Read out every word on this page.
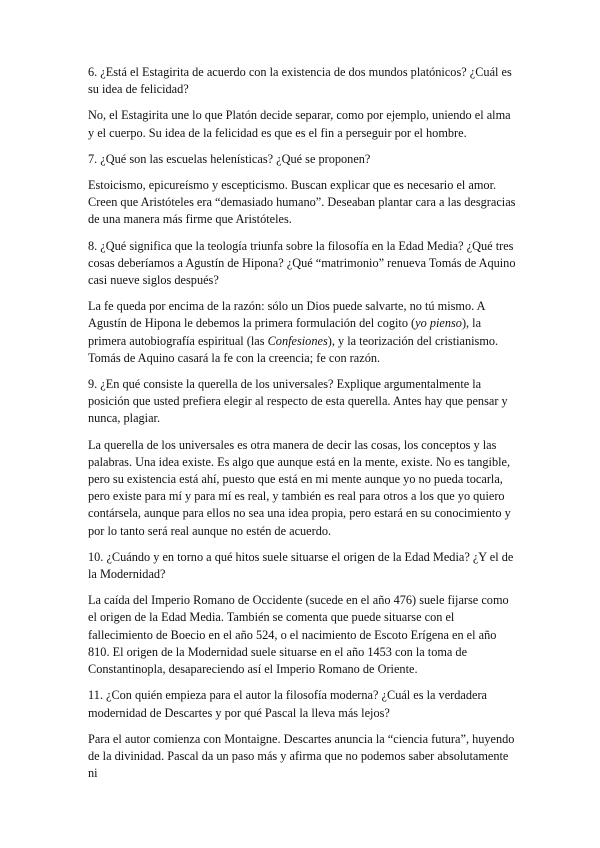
6. ¿Está el Estagirita de acuerdo con la existencia de dos mundos platónicos? ¿Cuál es su idea de felicidad?

No, el Estagirita une lo que Platón decide separar, como por ejemplo, uniendo el alma y el cuerpo. Su idea de la felicidad es que es el fin a perseguir por el hombre.

7. ¿Qué son las escuelas helenísticas? ¿Qué se proponen?

Estoicismo, epicureísmo y escepticismo. Buscan explicar que es necesario el amor. Creen que Aristóteles era “demasiado humano”. Deseaban plantar cara a las desgracias de una manera más firme que Aristóteles.

8. ¿Qué significa que la teología triunfa sobre la filosofía en la Edad Media? ¿Qué tres cosas deberíamos a Agustín de Hipona? ¿Qué “matrimonio” renueva Tomás de Aquino casi nueve siglos después?

La fe queda por encima de la razón: sólo un Dios puede salvarte, no tú mismo. A Agustín de Hipona le debemos la primera formulación del cogito (yo pienso), la primera autobiografía espiritual (las Confesiones), y la teorización del cristianismo. Tomás de Aquino casará la fe con la creencia; fe con razón.

9. ¿En qué consiste la querella de los universales? Explique argumentalmente la posición que usted prefiera elegir al respecto de esta querella. Antes hay que pensar y nunca, plagiar.

La querella de los universales es otra manera de decir las cosas, los conceptos y las palabras. Una idea existe. Es algo que aunque está en la mente, existe. No es tangible, pero su existencia está ahí, puesto que está en mi mente aunque yo no pueda tocarla, pero existe para mí y para mí es real, y también es real para otros a los que yo quiero contársela, aunque para ellos no sea una idea propia, pero estará en su conocimiento y por lo tanto será real aunque no estén de acuerdo.

10. ¿Cuándo y en torno a qué hitos suele situarse el origen de la Edad Media? ¿Y el de la Modernidad?

La caída del Imperio Romano de Occidente (sucede en el año 476) suele fijarse como el origen de la Edad Media. También se comenta que puede situarse con el fallecimiento de Boecio en el año 524, o el nacimiento de Escoto Erígena en el año 810. El origen de la Modernidad suele situarse en el año 1453 con la toma de Constantinopla, desapareciendo así el Imperio Romano de Oriente.

11. ¿Con quién empieza para el autor la filosofía moderna? ¿Cuál es la verdadera modernidad de Descartes y por qué Pascal la lleva más lejos?

Para el autor comienza con Montaigne. Descartes anuncia la “ciencia futura”, huyendo de la divinidad. Pascal da un paso más y afirma que no podemos saber absolutamente ni
